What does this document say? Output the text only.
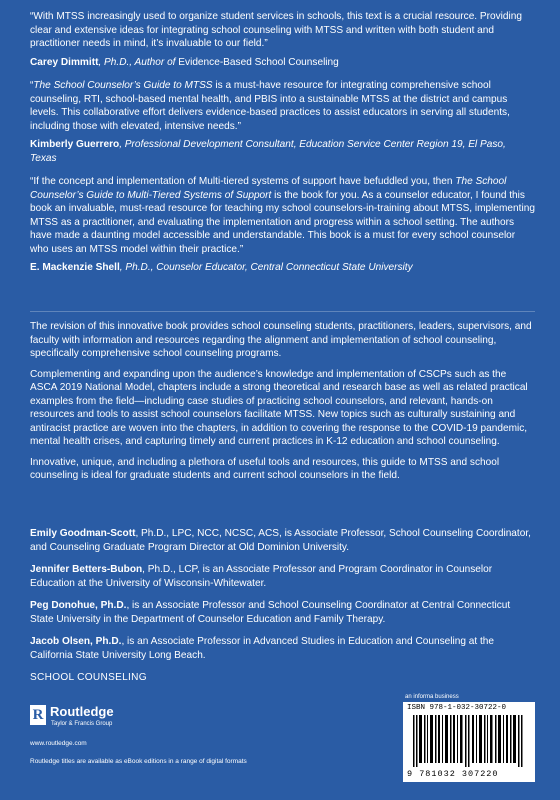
“With MTSS increasingly used to organize student services in schools, this text is a crucial resource. Providing clear and extensive ideas for integrating school counseling with MTSS and written with both student and practitioner needs in mind, it’s invaluable to our field.”
Carey Dimmitt, Ph.D., Author of Evidence-Based School Counseling
“The School Counselor’s Guide to MTSS is a must-have resource for integrating comprehensive school counseling, RTI, school-based mental health, and PBIS into a sustainable MTSS at the district and campus levels. This collaborative effort delivers evidence-based practices to assist educators in serving all students, including those with elevated, intensive needs.”
Kimberly Guerrero, Professional Development Consultant, Education Service Center Region 19, El Paso, Texas
“If the concept and implementation of Multi-tiered systems of support have befuddled you, then The School Counselor’s Guide to Multi-Tiered Systems of Support is the book for you. As a counselor educator, I found this book an invaluable, must-read resource for teaching my school counselors-in-training about MTSS, implementing MTSS as a practitioner, and evaluating the implementation and progress within a school setting. The authors have made a daunting model accessible and understandable. This book is a must for every school counselor who uses an MTSS model within their practice.”
E. Mackenzie Shell, Ph.D., Counselor Educator, Central Connecticut State University

The revision of this innovative book provides school counseling students, practitioners, leaders, supervisors, and faculty with information and resources regarding the alignment and implementation of school counseling, specifically comprehensive school counseling programs.

Complementing and expanding upon the audience’s knowledge and implementation of CSCPs such as the ASCA 2019 National Model, chapters include a strong theoretical and research base as well as related practical examples from the field—including case studies of practicing school counselors, and relevant, hands-on resources and tools to assist school counselors facilitate MTSS. New topics such as culturally sustaining and antiracist practice are woven into the chapters, in addition to covering the response to the COVID-19 pandemic, mental health crises, and capturing timely and current practices in K-12 education and school counseling.

Innovative, unique, and including a plethora of useful tools and resources, this guide to MTSS and school counseling is ideal for graduate students and current school counselors in the field.

Emily Goodman-Scott, Ph.D., LPC, NCC, NCSC, ACS, is Associate Professor, School Counseling Coordinator, and Counseling Graduate Program Director at Old Dominion University.

Jennifer Betters-Bubon, Ph.D., LCP, is an Associate Professor and Program Coordinator in Counselor Education at the University of Wisconsin-Whitewater.

Peg Donohue, Ph.D., is an Associate Professor and School Counseling Coordinator at Central Connecticut State University in the Department of Counselor Education and Family Therapy.

Jacob Olsen, Ph.D., is an Associate Professor in Advanced Studies in Education and Counseling at the California State University Long Beach.

SCHOOL COUNSELING
R Routledge
Taylor & Francis Group
www.routledge.com
Routledge titles are available as eBook editions in a range of digital formats
an informa business
ISBN 978-1-032-30722-0
9 781032 307220
